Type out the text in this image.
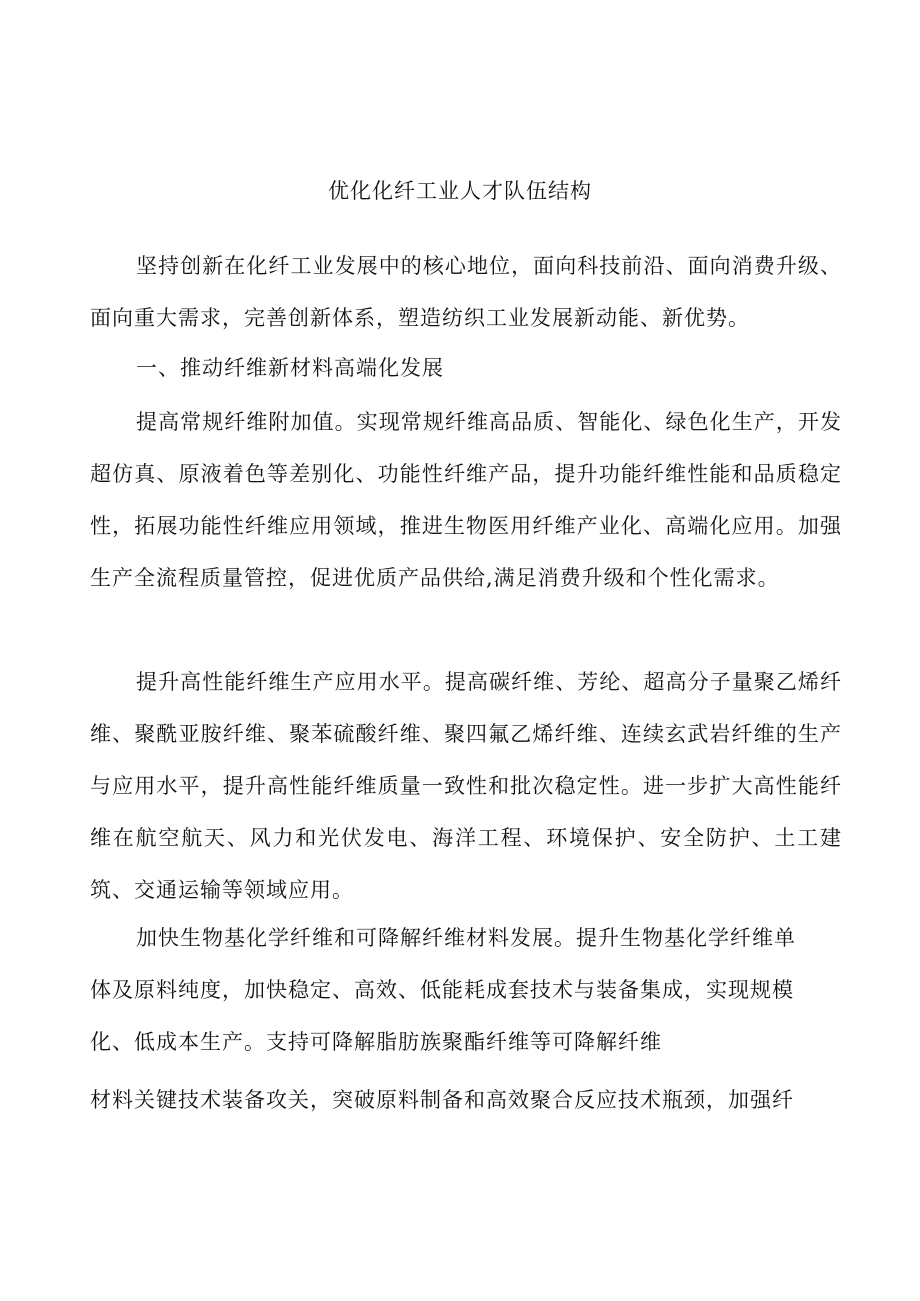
优化化纤工业人才队伍结构

坚持创新在化纤工业发展中的核心地位，面向科技前沿、面向消费升级、面向重大需求，完善创新体系，塑造纺织工业发展新动能、新优势。

一、推动纤维新材料高端化发展

提高常规纤维附加值。实现常规纤维高品质、智能化、绿色化生产，开发超仿真、原液着色等差别化、功能性纤维产品，提升功能纤维性能和品质稳定性，拓展功能性纤维应用领域，推进生物医用纤维产业化、高端化应用。加强生产全流程质量管控，促进优质产品供给,满足消费升级和个性化需求。

提升高性能纤维生产应用水平。提高碳纤维、芳纶、超高分子量聚乙烯纤维、聚酰亚胺纤维、聚苯硫酸纤维、聚四氟乙烯纤维、连续玄武岩纤维的生产与应用水平，提升高性能纤维质量一致性和批次稳定性。进一步扩大高性能纤维在航空航天、风力和光伏发电、海洋工程、环境保护、安全防护、土工建筑、交通运输等领域应用。

加快生物基化学纤维和可降解纤维材料发展。提升生物基化学纤维单

体及原料纯度，加快稳定、高效、低能耗成套技术与装备集成，实现规模

化、低成本生产。支持可降解脂肪族聚酯纤维等可降解纤维

材料关键技术装备攻关，突破原料制备和高效聚合反应技术瓶颈，加强纤
